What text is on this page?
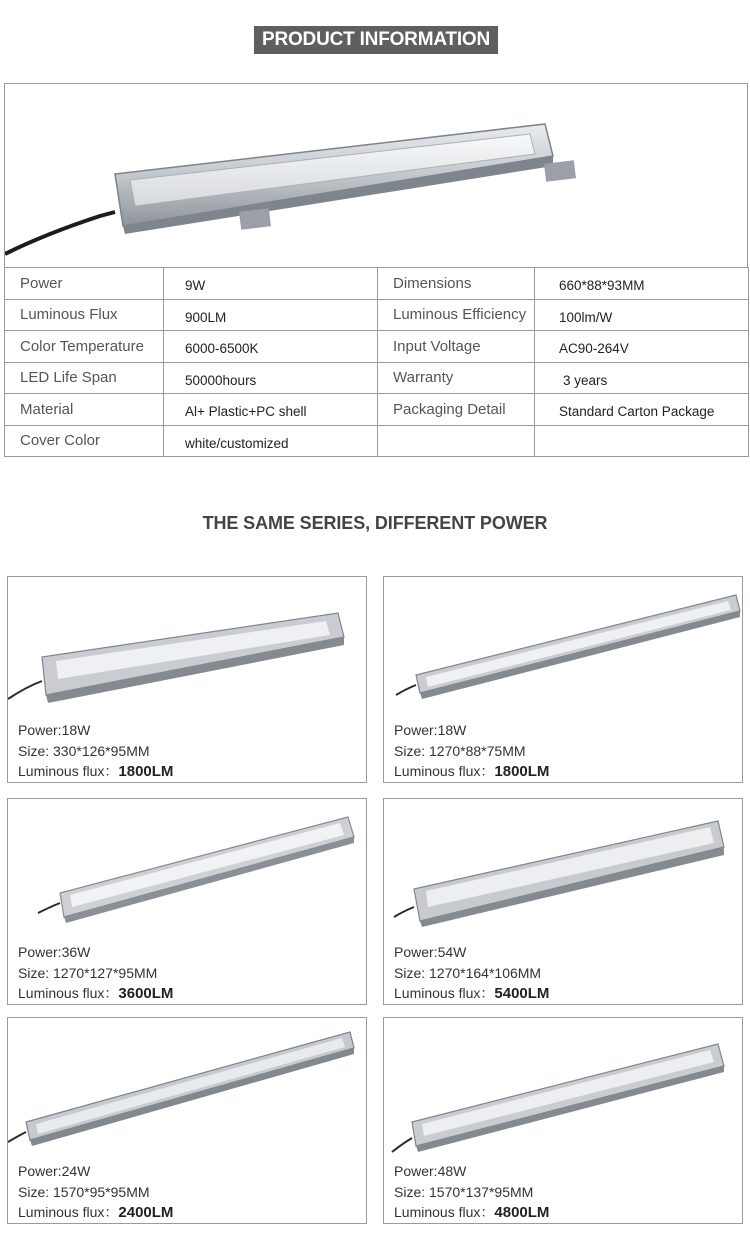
PRODUCT INFORMATION
Power	9W	Dimensions	660*88*93MM
Luminous Flux	900LM	Luminous Efficiency	100lm/W
Color Temperature	6000-6500K	Input Voltage	AC90-264V
LED Life Span	50000hours	Warranty	3 years
Material	Al+ Plastic+PC shell	Packaging Detail	Standard Carton Package
Cover Color	white/customized		
THE SAME SERIES, DIFFERENT POWER
Power:18W
Size: 330*126*95MM
Luminous flux：1800LM
Power:18W
Size: 1270*88*75MM
Luminous flux：1800LM
Power:36W
Size: 1270*127*95MM
Luminous flux：3600LM
Power:54W
Size: 1270*164*106MM
Luminous flux：5400LM
Power:24W
Size: 1570*95*95MM
Luminous flux：2400LM
Power:48W
Size: 1570*137*95MM
Luminous flux：4800LM
